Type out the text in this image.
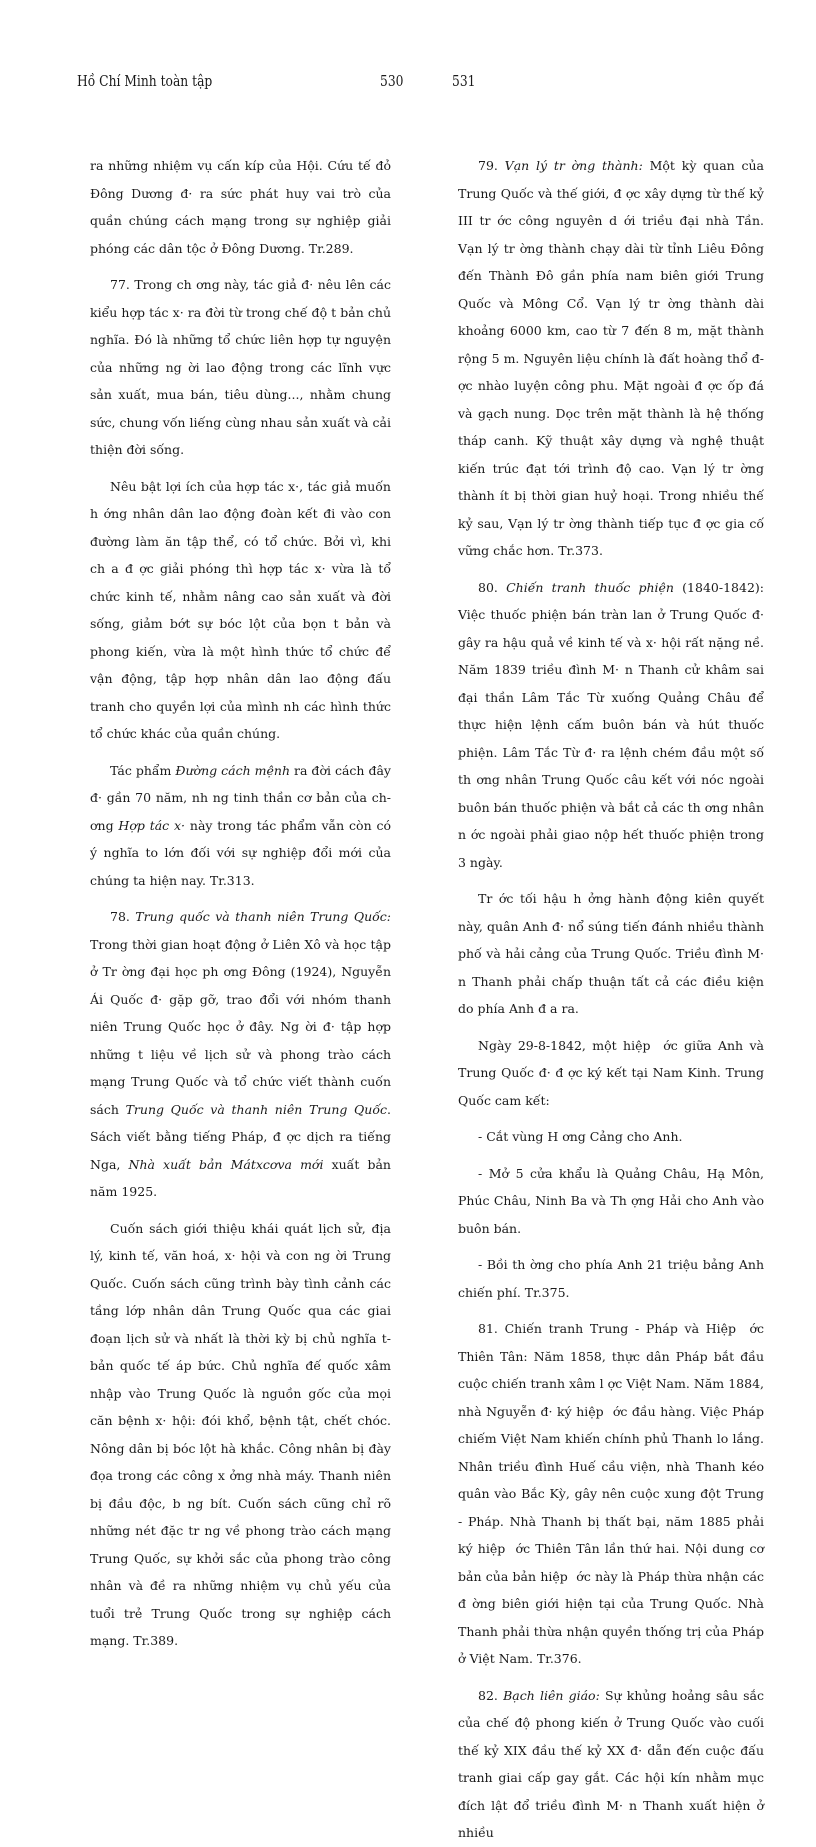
Hồ Chí Minh toàn tập	530	531

ra những nhiệm vụ cấn kíp của Hội. Cứu tế đỏ Đông Dương đ· ra sức phát huy vai trò của quần chúng cách mạng trong sự nghiệp giải phóng các dân tộc ở Đông Dương. Tr.289.

77. Trong ch ơng này, tác giả đ· nêu lên các kiểu hợp tác x· ra đời từ trong chế độ t bản chủ nghĩa. Đó là những tổ chức liên hợp tự nguyện của những ng ời lao động trong các lĩnh vực sản xuất, mua bán, tiêu dùng..., nhằm chung sức, chung vốn liếng cùng nhau sản xuất và cải thiện đời sống.

Nêu bật lợi ích của hợp tác x·, tác giả muốn h ớng nhân dân lao động đoàn kết đi vào con đường làm ăn tập thể, có tổ chức. Bởi vì, khi ch a đ ợc giải phóng thì hợp tác x· vừa là tổ chức kinh tế, nhằm nâng cao sản xuất và đời sống, giảm bớt sự bóc lột của bọn t bản và phong kiến, vừa là một hình thức tổ chức để vận động, tập hợp nhân dân lao động đấu tranh cho quyền lợi của mình nh các hình thức tổ chức khác của quần chúng.

Tác phẩm Đường cách mệnh ra đời cách đây đ· gần 70 năm, nh ng tinh thần cơ bản của ch ơng Hợp tác x· này trong tác phẩm vẫn còn có ý nghĩa to lớn đối với sự nghiệp đổi mới của chúng ta hiện nay. Tr.313.

78. Trung quốc và thanh niên Trung Quốc: Trong thời gian hoạt động ở Liên Xô và học tập ở Tr ờng đại học ph ơng Đông (1924), Nguyễn Ái Quốc đ· gặp gỡ, trao đổi với nhóm thanh niên Trung Quốc học ở đây. Ng ời đ· tập hợp những t liệu về lịch sử và phong trào cách mạng Trung Quốc và tổ chức viết thành cuốn sách Trung Quốc và thanh niên Trung Quốc. Sách viết bằng tiếng Pháp, đ ợc dịch ra tiếng Nga, Nhà xuất bản Mátxcơva mới xuất bản năm 1925.

Cuốn sách giới thiệu khái quát lịch sử, địa lý, kinh tế, văn hoá, x· hội và con ng ời Trung Quốc. Cuốn sách cũng trình bày tình cảnh các tầng lớp nhân dân Trung Quốc qua các giai đoạn lịch sử và nhất là thời kỳ bị chủ nghĩa t bản quốc tế áp bức. Chủ nghĩa đế quốc xâm nhập vào Trung Quốc là nguồn gốc của mọi căn bệnh x· hội: đói khổ, bệnh tật, chết chóc. Nông dân bị bóc lột hà khắc. Công nhân bị đày đọa trong các công x ởng nhà máy. Thanh niên bị đầu độc, b ng bít. Cuốn sách cũng chỉ rõ những nét đặc tr ng về phong trào cách mạng Trung Quốc, sự khởi sắc của phong trào công nhân và đề ra những nhiệm vụ chủ yếu của tuổi trẻ Trung Quốc trong sự nghiệp cách mạng. Tr.389.

79. Vạn lý tr ờng thành: Một kỳ quan của Trung Quốc và thế giới, đ ợc xây dựng từ thế kỷ III tr ớc công nguyên d ới triều đại nhà Tần. Vạn lý tr ờng thành chạy dài từ tỉnh Liêu Đông đến Thành Đô gần phía nam biên giới Trung Quốc và Mông Cổ. Vạn lý tr ờng thành dài khoảng 6000 km, cao từ 7 đến 8 m, mặt thành rộng 5 m. Nguyên liệu chính là đất hoàng thổ đ ợc nhào luyện công phu. Mặt ngoài đ ợc ốp đá và gạch nung. Dọc trên mặt thành là hệ thống tháp canh. Kỹ thuật xây dựng và nghệ thuật kiến trúc đạt tới trình độ cao. Vạn lý tr ờng thành ít bị thời gian huỷ hoại. Trong nhiều thế kỷ sau, Vạn lý tr ờng thành tiếp tục đ ợc gia cố vững chắc hơn. Tr.373.

80. Chiến tranh thuốc phiện (1840-1842): Việc thuốc phiện bán tràn lan ở Trung Quốc đ· gây ra hậu quả về kinh tế và x· hội rất nặng nề. Năm 1839 triều đình M· n Thanh cử khâm sai đại thần Lâm Tắc Từ xuống Quảng Châu để thực hiện lệnh cấm buôn bán và hút thuốc phiện. Lâm Tắc Từ đ· ra lệnh chém đầu một số th ơng nhân Trung Quốc câu kết với nóc ngoài buôn bán thuốc phiện và bắt cả các th ơng nhân n ớc ngoài phải giao nộp hết thuốc phiện trong 3 ngày.

Tr ớc tối hậu h ởng hành động kiên quyết này, quân Anh đ· nổ súng tiến đánh nhiều thành phố và hải cảng của Trung Quốc. Triều đình M· n Thanh phải chấp thuận tất cả các điều kiện do phía Anh đ a ra.

Ngày 29-8-1842, một hiệp ớc giữa Anh và Trung Quốc đ· đ ợc ký kết tại Nam Kinh. Trung Quốc cam kết:

- Cắt vùng H ơng Cảng cho Anh.

- Mở 5 cửa khẩu là Quảng Châu, Hạ Môn, Phúc Châu, Ninh Ba và Th ợng Hải cho Anh vào buôn bán.

- Bồi th ờng cho phía Anh 21 triệu bảng Anh chiến phí. Tr.375.

81. Chiến tranh Trung - Pháp và Hiệp ớc Thiên Tân: Năm 1858, thực dân Pháp bắt đầu cuộc chiến tranh xâm l ợc Việt Nam. Năm 1884, nhà Nguyễn đ· ký hiệp ớc đầu hàng. Việc Pháp chiếm Việt Nam khiến chính phủ Thanh lo lắng. Nhân triều đình Huế cầu viện, nhà Thanh kéo quân vào Bắc Kỳ, gây nên cuộc xung đột Trung - Pháp. Nhà Thanh bị thất bại, năm 1885 phải ký hiệp ớc Thiên Tân lần thứ hai. Nội dung cơ bản của bản hiệp ớc này là Pháp thừa nhận các đ ờng biên giới hiện tại của Trung Quốc. Nhà Thanh phải thừa nhận quyền thống trị của Pháp ở Việt Nam. Tr.376.

82. Bạch liên giáo: Sự khủng hoảng sâu sắc của chế độ phong kiến ở Trung Quốc vào cuối thế kỷ XIX đầu thế kỷ XX đ· dẫn đến cuộc đấu tranh giai cấp gay gắt. Các hội kín nhằm mục đích lật đổ triều đình M· n Thanh xuất hiện ở nhiều
